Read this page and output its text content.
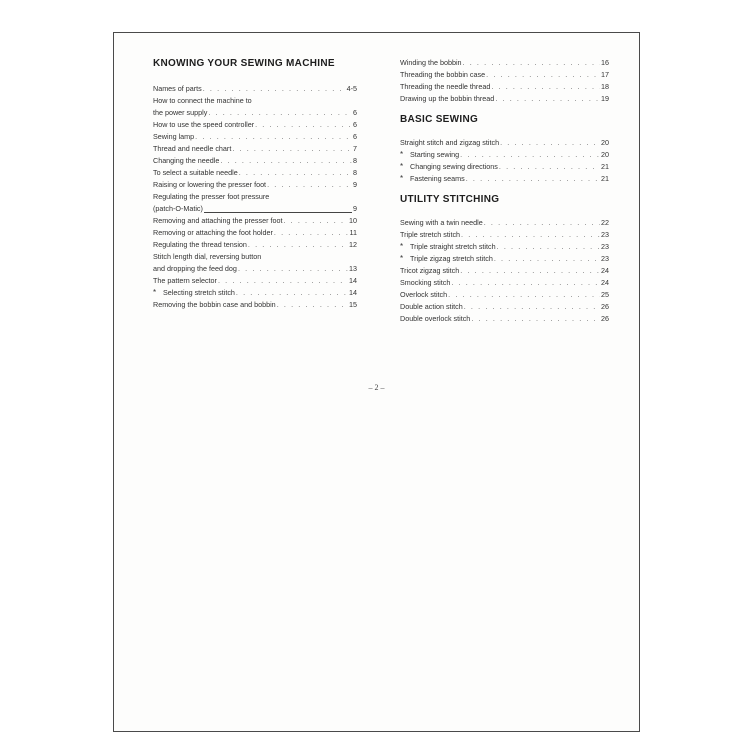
KNOWING YOUR SEWING MACHINE
Names of parts . . .	4-5
How to connect the machine to
the power supply . . .	6
How to use the speed controller . . .	6
Sewing lamp . . .	6
Thread and needle chart . . .	7
Changing the needle . . .	8
To select a suitable needle . . .	8
Raising or lowering the presser foot . . .	9
Regulating the presser foot pressure
(patch-O-Matic)	9
Removing and attaching the presser foot . . .	10
Removing or attaching the foot holder . . .	11
Regulating the thread tension . . .	12
Stitch length dial, reversing button
and dropping the feed dog . . .	13
The pattern selector . . .	14
* Selecting stretch stitch . . .	14
Removing the bobbin case and bobbin . . .	15
Winding the bobbin . . .	16
Threading the bobbin case . . .	17
Threading the needle thread . . .	18
Drawing up the bobbin thread . . .	19
BASIC SEWING
Straight stitch and zigzag stitch . . .	20
* Starting sewing . . .	20
* Changing sewing directions . . .	21
* Fastening seams . . .	21
UTILITY STITCHING
Sewing with a twin needle . . .	22
Triple stretch stitch . . .	23
* Triple straight stretch stitch . . .	23
* Triple zigzag stretch stitch . . .	23
Tricot zigzag stitch . . .	24
Smocking stitch . . .	24
Overlock stitch . . .	25
Double action stitch . . .	26
Double overlock stitch . . .	26
– 2 –
